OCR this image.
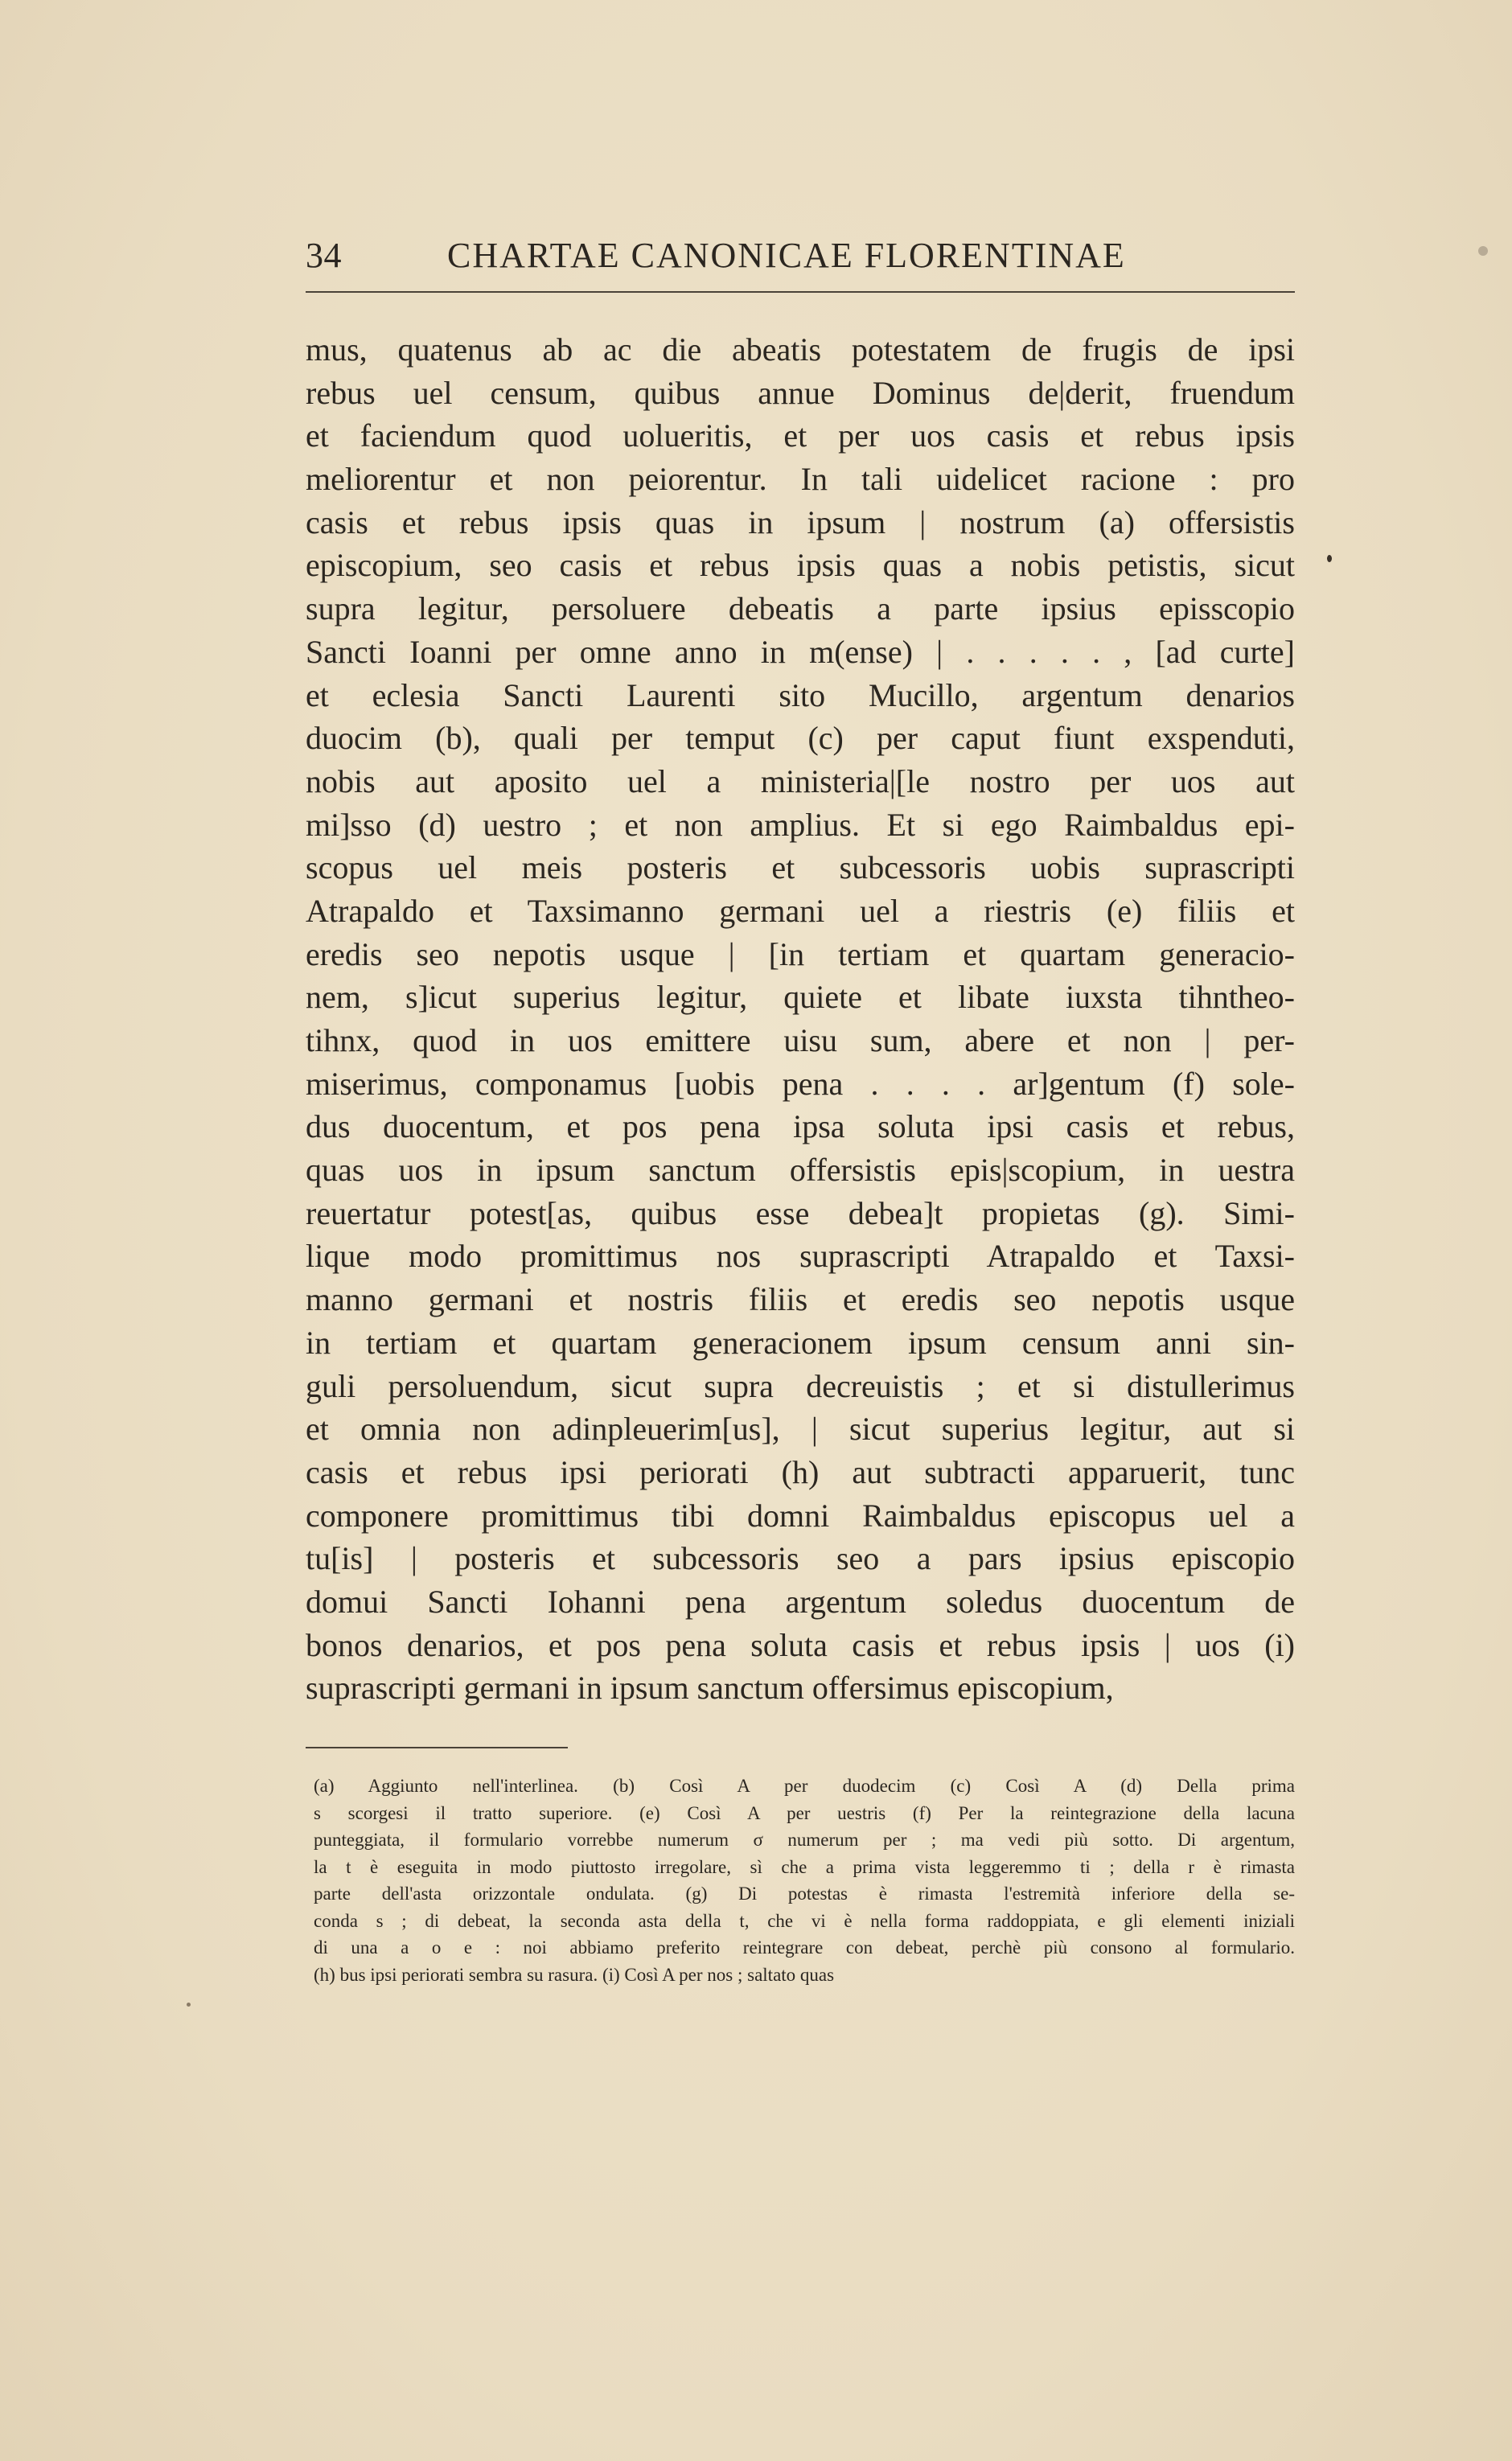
34	CHARTAE CANONICAE FLORENTINAE
mus, quatenus ab ac die abeatis potestatem de frugis de ipsi
rebus uel censum, quibus annue Dominus de|derit, fruendum
et faciendum quod uolueritis, et per uos casis et rebus ipsis
meliorentur et non peiorentur. In tali uidelicet racione : pro
casis et rebus ipsis quas in ipsum | nostrum (a) offersistis
episcopium, seo casis et rebus ipsis quas a nobis petistis, sicut
supra legitur, persoluere debeatis a parte ipsius episscopio
Sancti Ioanni per omne anno in m(ense) | . . . . . , [ad curte]
et eclesia Sancti Laurenti sito Mucillo, argentum denarios
duocim (b), quali per temput (c) per caput fiunt exspenduti,
nobis aut aposito uel a ministeria|[le nostro per uos aut
mi]sso (d) uestro ; et non amplius. Et si ego Raimbaldus epi-
scopus uel meis posteris et subcessoris uobis suprascripti
Atrapaldo et Taxsimanno germani uel a riestris (e) filiis et
eredis seo nepotis usque | [in tertiam et quartam generacio-
nem, s]icut superius legitur, quiete et libate iuxsta tihntheo-
tihnx, quod in uos emittere uisu sum, abere et non | per-
miserimus, componamus [uobis pena . . . . ar]gentum (f) sole-
dus duocentum, et pos pena ipsa soluta ipsi casis et rebus,
quas uos in ipsum sanctum offersistis epis|scopium, in uestra
reuertatur potest[as, quibus esse debea]t propietas (g). Simi-
lique modo promittimus nos suprascripti Atrapaldo et Taxsi-
manno germani et nostris filiis et eredis seo nepotis usque
in tertiam et quartam generacionem ipsum censum anni sin-
guli persoluendum, sicut supra decreuistis ; et si distullerimus
et omnia non adinpleuerim[us], | sicut superius legitur, aut si
casis et rebus ipsi periorati (h) aut subtracti apparuerit, tunc
componere promittimus tibi domni Raimbaldus episcopus uel a
tu[is] | posteris et subcessoris seo a pars ipsius episcopio
domui Sancti Iohanni pena argentum soledus duocentum de
bonos denarios, et pos pena soluta casis et rebus ipsis | uos (i)
suprascripti germani in ipsum sanctum offersimus episcopium,
(a) Aggiunto nell'interlinea. (b) Così A per duodecim (c) Così A (d) Della prima
s scorgesi il tratto superiore. (e) Così A per uestris (f) Per la reintegrazione della lacuna
punteggiata, il formulario vorrebbe numerum σ numerum per ; ma vedi più sotto. Di argentum,
la t è eseguita in modo piuttosto irregolare, sì che a prima vista leggeremmo ti ; della r è rimasta
parte dell'asta orizzontale ondulata. (g) Di potestas è rimasta l'estremità inferiore della se-
conda s ; di debeat, la seconda asta della t, che vi è nella forma raddoppiata, e gli elementi iniziali
di una a o e : noi abbiamo preferito reintegrare con debeat, perchè più consono al formulario.
(h) bus ipsi periorati sembra su rasura. (i) Così A per nos ; saltato quas
